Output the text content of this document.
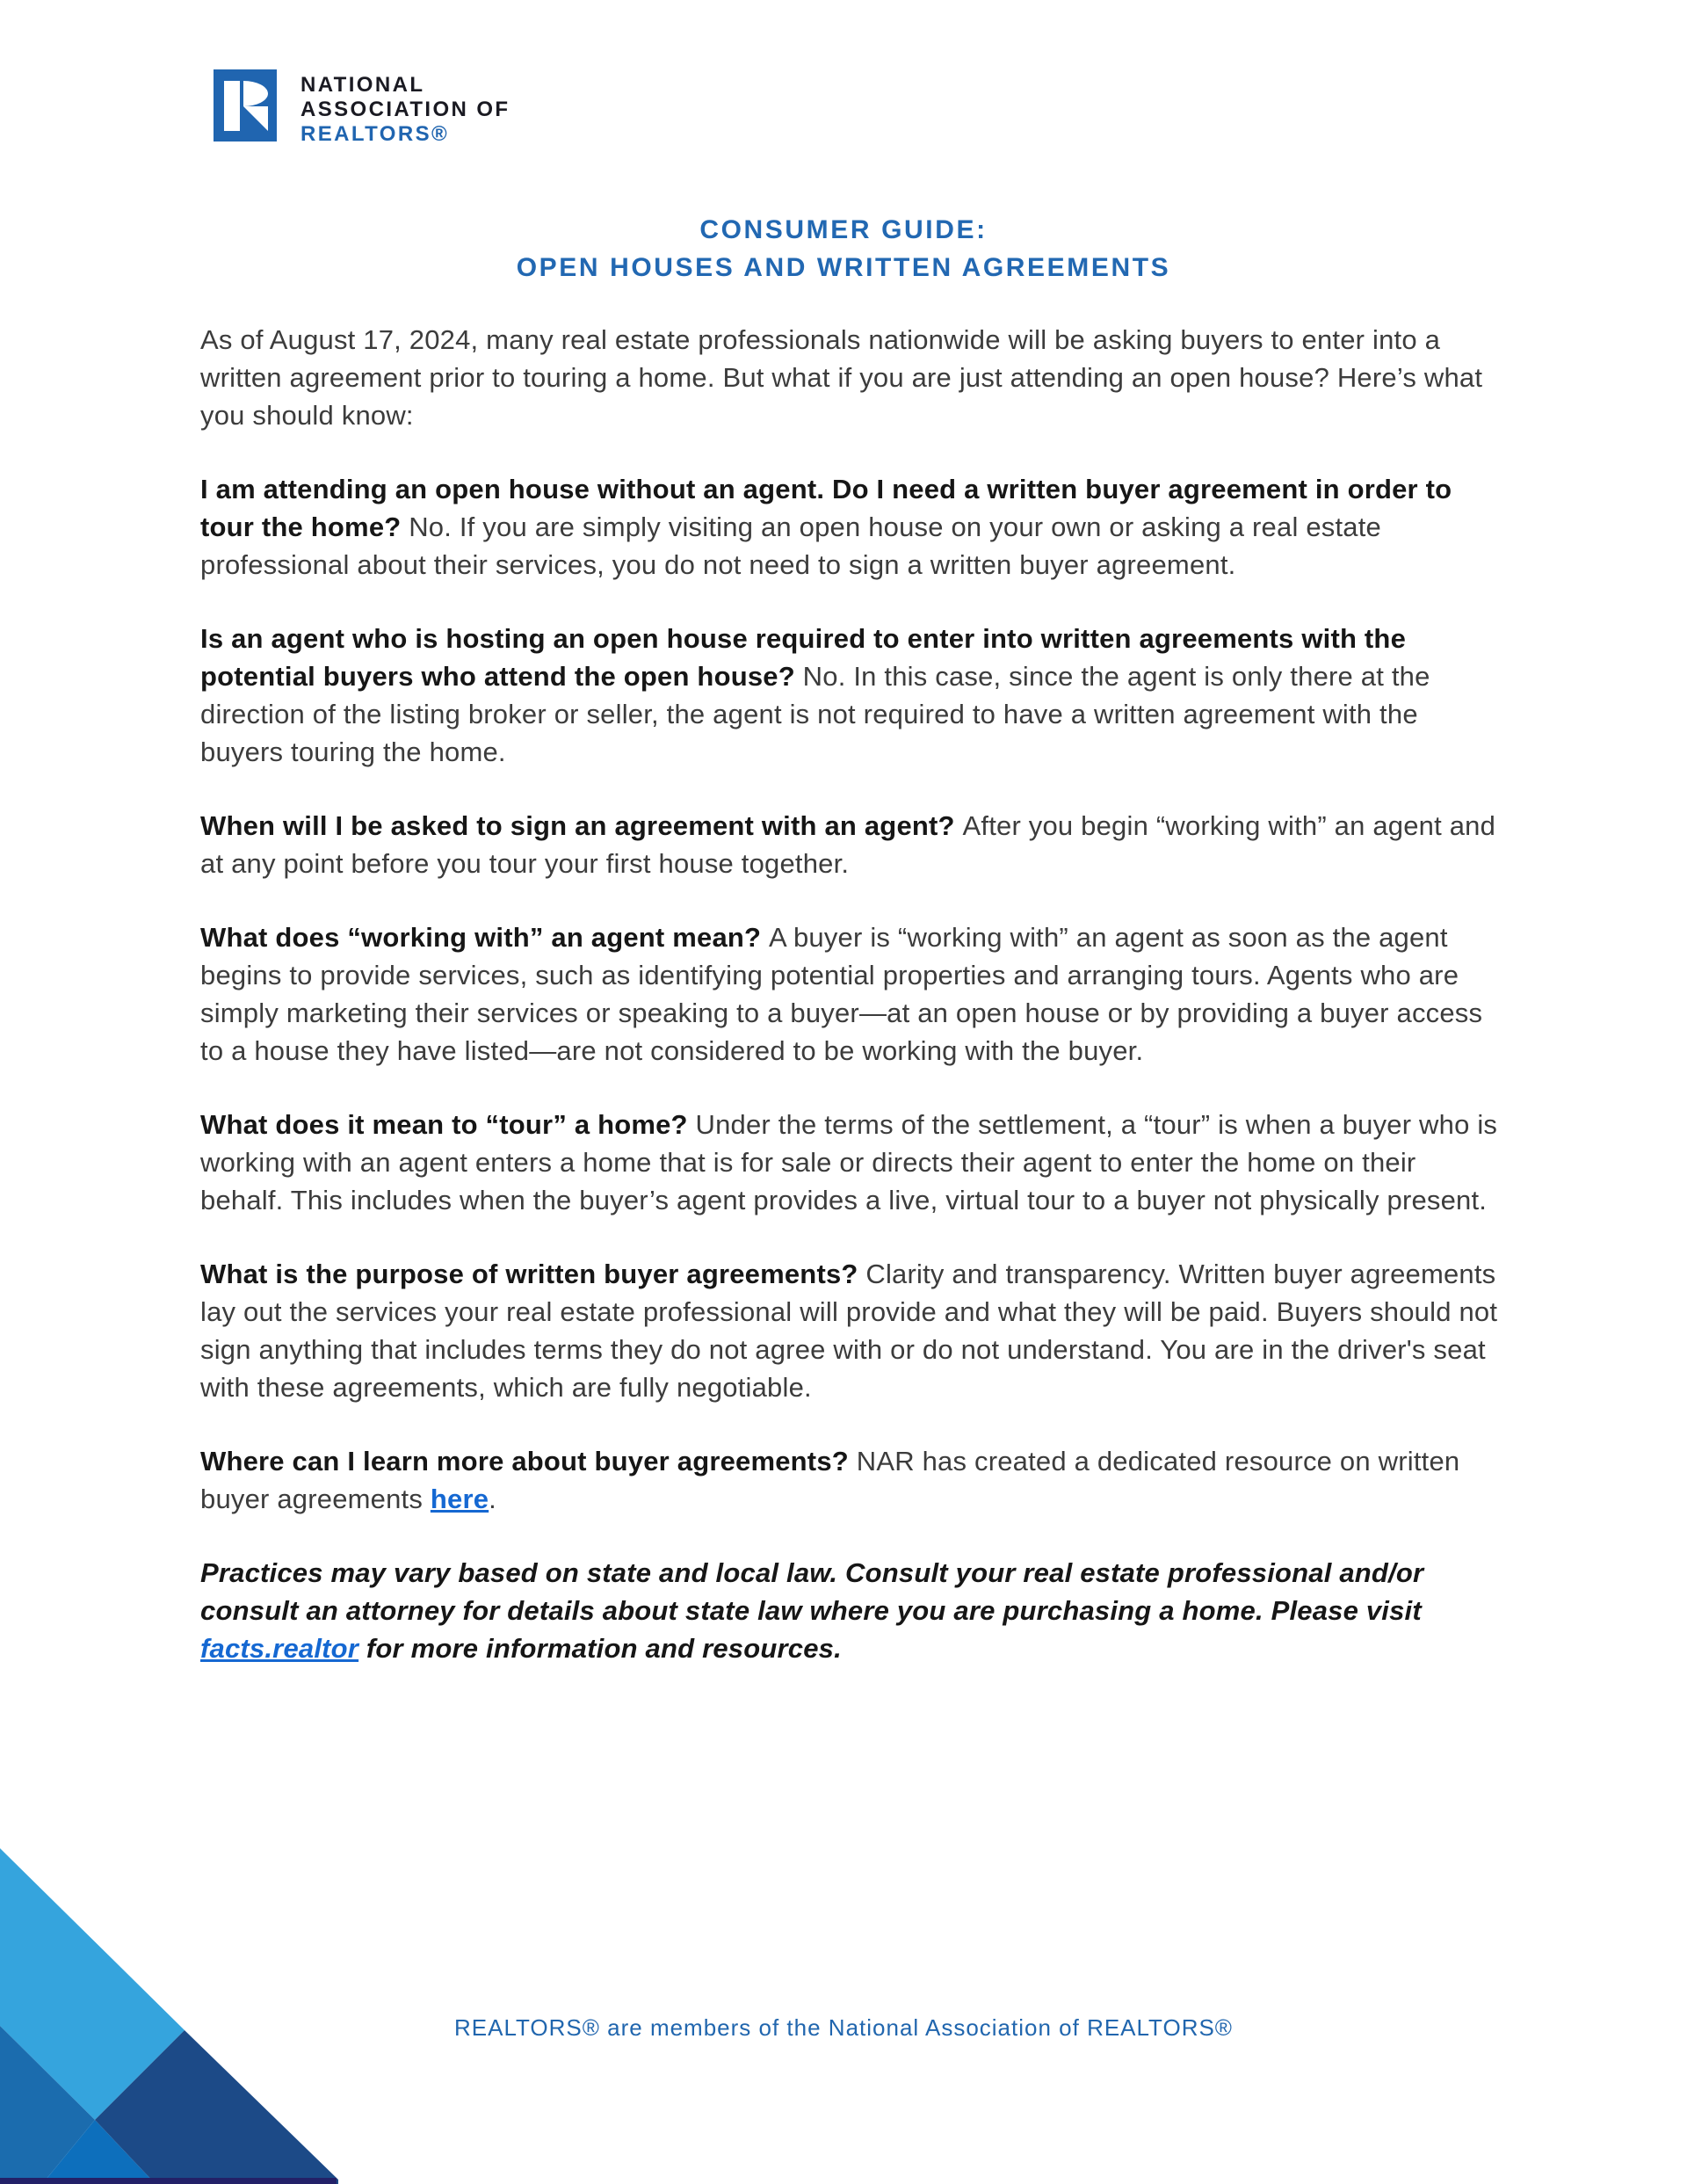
NATIONAL
ASSOCIATION OF
REALTORS®
CONSUMER GUIDE:
OPEN HOUSES AND WRITTEN AGREEMENTS

As of August 17, 2024, many real estate professionals nationwide will be asking buyers to enter into a written agreement prior to touring a home. But what if you are just attending an open house? Here’s what you should know:

I am attending an open house without an agent. Do I need a written buyer agreement in order to tour the home? No. If you are simply visiting an open house on your own or asking a real estate professional about their services, you do not need to sign a written buyer agreement.

Is an agent who is hosting an open house required to enter into written agreements with the potential buyers who attend the open house? No. In this case, since the agent is only there at the direction of the listing broker or seller, the agent is not required to have a written agreement with the buyers touring the home.

When will I be asked to sign an agreement with an agent? After you begin “working with” an agent and at any point before you tour your first house together.

What does “working with” an agent mean? A buyer is “working with” an agent as soon as the agent begins to provide services, such as identifying potential properties and arranging tours. Agents who are simply marketing their services or speaking to a buyer—at an open house or by providing a buyer access to a house they have listed—are not considered to be working with the buyer.

What does it mean to “tour” a home? Under the terms of the settlement, a “tour” is when a buyer who is working with an agent enters a home that is for sale or directs their agent to enter the home on their behalf. This includes when the buyer’s agent provides a live, virtual tour to a buyer not physically present.

What is the purpose of written buyer agreements? Clarity and transparency. Written buyer agreements lay out the services your real estate professional will provide and what they will be paid. Buyers should not sign anything that includes terms they do not agree with or do not understand. You are in the driver's seat with these agreements, which are fully negotiable.

Where can I learn more about buyer agreements? NAR has created a dedicated resource on written buyer agreements here.

Practices may vary based on state and local law. Consult your real estate professional and/or consult an attorney for details about state law where you are purchasing a home. Please visit facts.realtor for more information and resources.

REALTORS® are members of the National Association of REALTORS®
